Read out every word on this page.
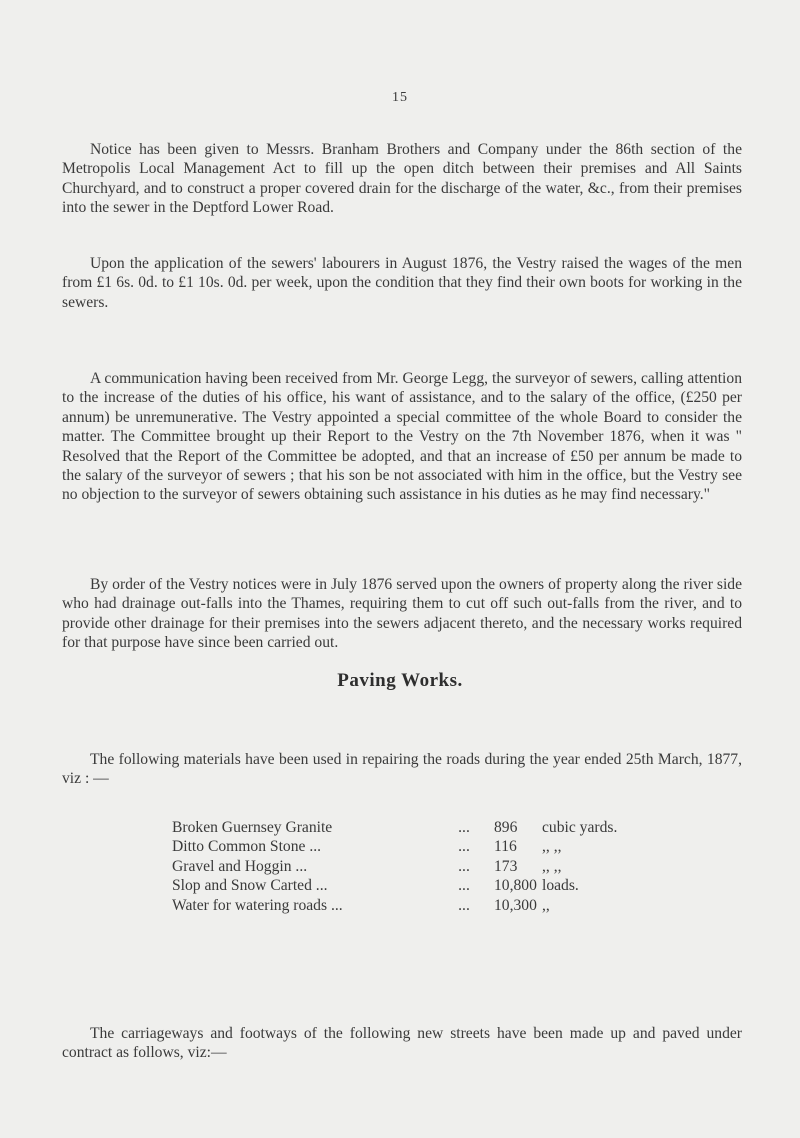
15

Notice has been given to Messrs. Branham Brothers and Company under the 86th section of the Metropolis Local Management Act to fill up the open ditch between their premises and All Saints Churchyard, and to construct a proper covered drain for the discharge of the water, &c., from their premises into the sewer in the Deptford Lower Road.

Upon the application of the sewers' labourers in August 1876, the Vestry raised the wages of the men from £1 6s. 0d. to £1 10s. 0d. per week, upon the condition that they find their own boots for working in the sewers.

A communication having been received from Mr. George Legg, the surveyor of sewers, calling attention to the increase of the duties of his office, his want of assistance, and to the salary of the office, (£250 per annum) be unremunerative. The Vestry appointed a special committee of the whole Board to consider the matter. The Committee brought up their Report to the Vestry on the 7th November 1876, when it was " Resolved that the Report of the Committee be adopted, and that an increase of £50 per annum be made to the salary of the surveyor of sewers ; that his son be not associated with him in the office, but the Vestry see no objection to the surveyor of sewers obtaining such assistance in his duties as he may find necessary."

By order of the Vestry notices were in July 1876 served upon the owners of property along the river side who had drainage out-falls into the Thames, requiring them to cut off such out-falls from the river, and to provide other drainage for their premises into the sewers adjacent thereto, and the necessary works required for that purpose have since been carried out.

Paving Works.

The following materials have been used in repairing the roads during the year ended 25th March, 1877, viz : —

Broken Guernsey Granite	...	896	cubic yards.
Ditto Common Stone ...	...	116	,, ,,
Gravel and Hoggin ...	...	173	,, ,,
Slop and Snow Carted ...	...	10,800 loads.
Water for watering roads ...	...	10,300 ,,

The carriageways and footways of the following new streets have been made up and paved under contract as follows, viz:—
